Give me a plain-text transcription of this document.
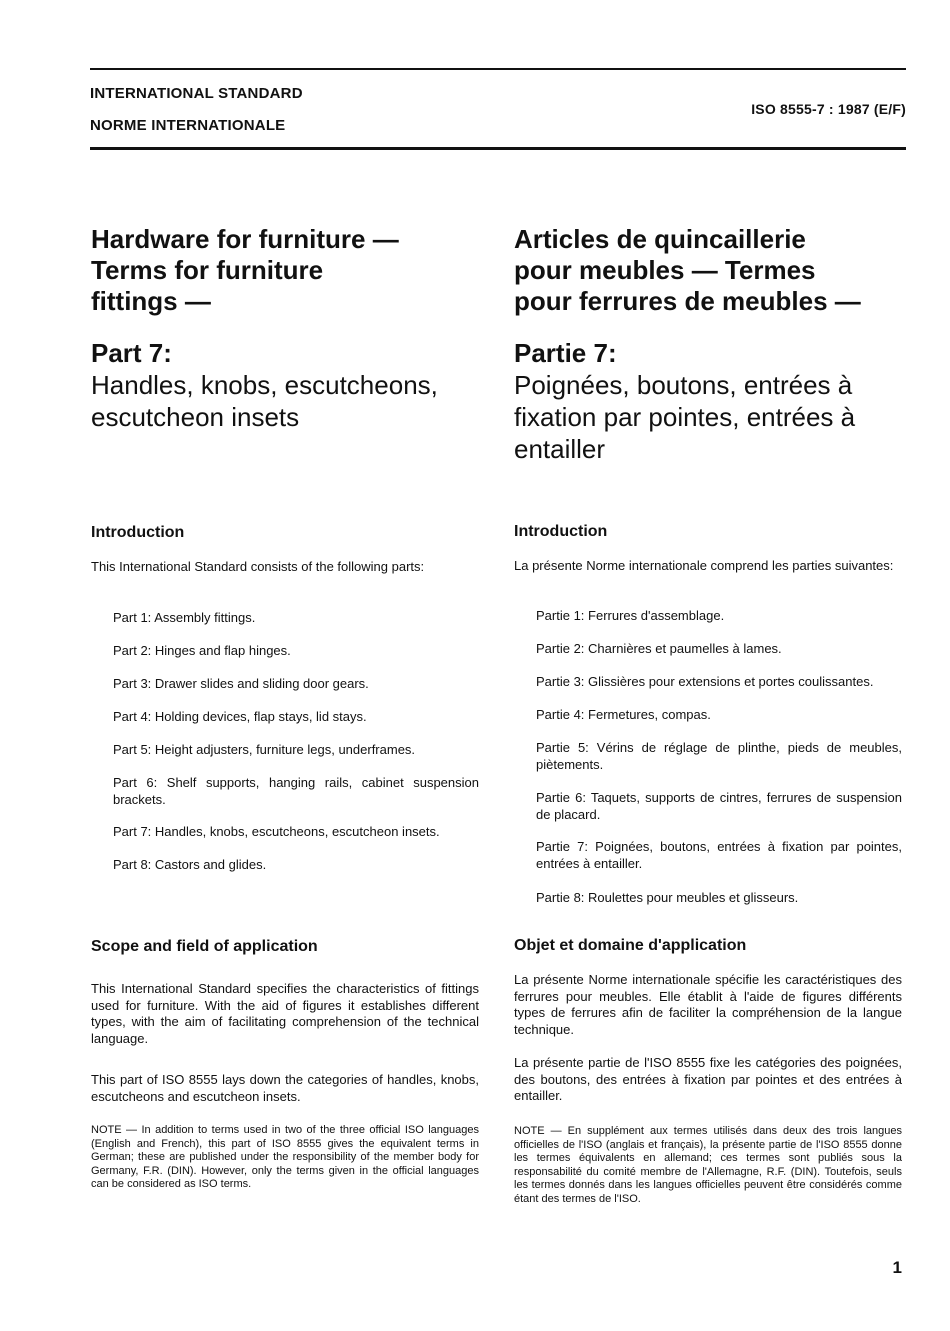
INTERNATIONAL STANDARD
NORME INTERNATIONALE
ISO 8555-7 : 1987 (E/F)

Hardware for furniture —

Terms for furniture

fittings —

Part 7:

Handles, knobs, escutcheons,

escutcheon insets

Introduction

This International Standard consists of the following parts:
Part 1: Assembly fittings.
Part 2: Hinges and flap hinges.
Part 3: Drawer slides and sliding door gears.
Part 4: Holding devices, flap stays, lid stays.
Part 5: Height adjusters, furniture legs, underframes.
Part 6: Shelf supports, hanging rails, cabinet suspension brackets.
Part 7: Handles, knobs, escutcheons, escutcheon insets.
Part 8: Castors and glides.

Scope and field of application

This International Standard specifies the characteristics of fittings used for furniture. With the aid of figures it establishes different types, with the aim of facilitating comprehension of the technical language.
This part of ISO 8555 lays down the categories of handles, knobs, escutcheons and escutcheon insets.
NOTE — In addition to terms used in two of the three official ISO languages (English and French), this part of ISO 8555 gives the equivalent terms in German; these are published under the responsibility of the member body for Germany, F.R. (DIN). However, only the terms given in the official languages can be considered as ISO terms.

Articles de quincaillerie

pour meubles — Termes

pour ferrures de meubles —

Partie 7:

Poignées, boutons, entrées à

fixation par pointes, entrées à

entailler

Introduction

La présente Norme internationale comprend les parties suivantes:
Partie 1: Ferrures d'assemblage.
Partie 2: Charnières et paumelles à lames.
Partie 3: Glissières pour extensions et portes coulissantes.
Partie 4: Fermetures, compas.
Partie 5: Vérins de réglage de plinthe, pieds de meubles, piètements.
Partie 6: Taquets, supports de cintres, ferrures de suspension de placard.
Partie 7: Poignées, boutons, entrées à fixation par pointes, entrées à entailler.
Partie 8: Roulettes pour meubles et glisseurs.

Objet et domaine d'application

La présente Norme internationale spécifie les caractéristiques des ferrures pour meubles. Elle établit à l'aide de figures différents types de ferrures afin de faciliter la compréhension de la langue technique.
La présente partie de l'ISO 8555 fixe les catégories des poignées, des boutons, des entrées à fixation par pointes et des entrées à entailler.
NOTE — En supplément aux termes utilisés dans deux des trois langues officielles de l'ISO (anglais et français), la présente partie de l'ISO 8555 donne les termes équivalents en allemand; ces termes sont publiés sous la responsabilité du comité membre de l'Allemagne, R.F. (DIN). Toutefois, seuls les termes donnés dans les langues officielles peuvent être considérés comme étant des termes de l'ISO.
1
